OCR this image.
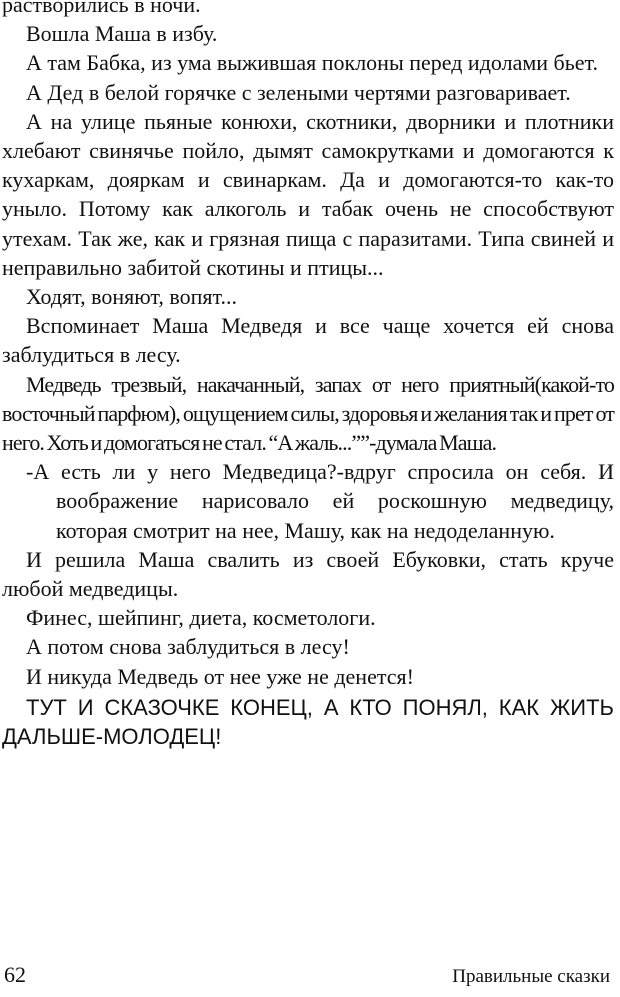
растворились в ночи.

Вошла Маша в избу.

А там Бабка, из ума выжившая поклоны перед идолами бьет.

А Дед в белой горячке с зелеными чертями разговаривает.

А на улице пьяные конюхи, скотники, дворники и плотники хлебают свинячье пойло, дымят самокрутками и домогаются к кухаркам, дояркам и свинаркам. Да и домогаются-то как-то уныло. Потому как алкоголь и табак очень не способствуют утехам. Так же, как и грязная пища с паразитами. Типа свиней и неправильно забитой скотины и птицы...

Ходят, воняют, вопят...

Вспоминает Маша Медведя и все чаще хочется ей снова заблудиться в лесу.

Медведь трезвый, накачанный, запах от него приятный(какой-то восточный парфюм), ощущением силы, здоровья и желания так и прет от него. Хоть и домогаться не стал. “А жаль...””-думала Маша.

-А есть ли у него Медведица?-вдруг спросила он себя. И воображение нарисовало ей роскошную медведицу, которая смотрит на нее, Машу, как на недоделанную.

И решила Маша свалить из своей Ебуковки, стать круче любой медведицы.

Финес, шейпинг, диета, косметологи.

А потом снова заблудиться в лесу!

И никуда Медведь от нее уже не денется!

ТУТ И СКАЗОЧКЕ КОНЕЦ, А КТО ПОНЯЛ, КАК ЖИТЬ ДАЛЬШЕ-МОЛОДЕЦ!

62	Правильные сказки
